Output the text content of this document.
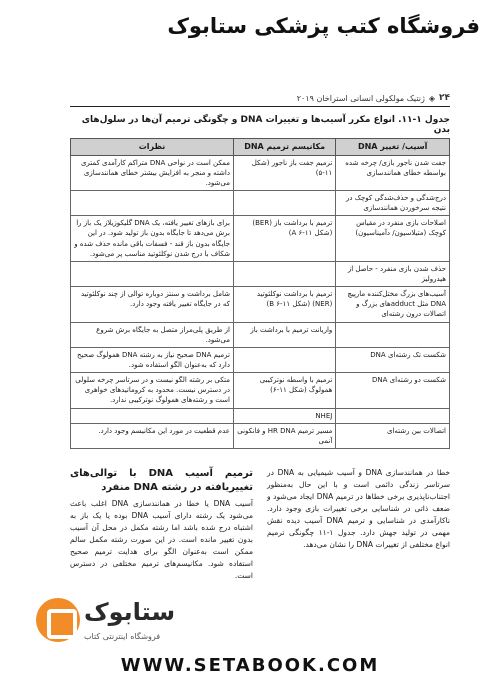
فروشگاه کتب پزشکی ستابوک
۲۴
◈
ژنتیک مولکولی انسانی استراخان ۲۰۱۹
جدول ۱-۱۱. انواع مکرر آسیب‌ها و تغییرات DNA و چگونگی ترمیم آن‌ها در سلول‌های بدن
آسیب/ تغییر DNA	مکانیسم ترمیم DNA	نظرات
جفت شدن ناجور بازی/ چرخه شده بواسطه خطای همانندسازی	ترمیم جفت باز ناجور (شکل ۱۱-۵)	ممکن است در نواحی DNA متراکم کارآمدی کمتری داشته و منجر به افزایش بیشتر خطای همانندسازی می‌شود.
درج‌شدگی و حذف‌شدگی کوچک در نتیجه سرخوردن همانندسازی		
اصلاحات بازی منفرد در مقیاس کوچک (متیلاسیون/ دآمیناسیون)	ترمیم با برداشت باز (BER) (شکل ۱۱-۶ A)	برای بازهای تغییر یافته، یک DNA گلیکوزیلاز یک باز را برش می‌دهد تا جایگاه بدون باز تولید شود. در این جایگاه بدون باز قند - فسفات باقی مانده حذف شده و شکاف با درج شدن نوکلئوتید مناسب پر می‌شود.
حذف شدن بازی منفرد - حاصل از هیدرولیز		
آسیب‌های بزرگ مختل‌کننده مارپیچ DNA مثل adduct‌های بزرگ و اتصالات درون رشته‌ای	ترمیم با برداشت نوکلئوتید (NER) (شکل ۱۱-۶ B)	شامل برداشت و سنتز دوباره توالی از چند نوکلئوتید که در جایگاه تغییر یافته وجود دارد.
	واریانت ترمیم با برداشت باز	از طریق پلی‌مراز متصل به جایگاه برش شروع می‌شود.
شکست تک رشته‌ای DNA		ترمیم DNA صحیح نیاز به رشته DNA همولوگ صحیح دارد که به‌عنوان الگو استفاده شود.
شکست دو رشته‌ای DNA	ترمیم با واسطه نوترکیبی همولوگ (شکل ۱۱-۶)	متکی بر رشته الگو نیست و در سرتاسر چرخه سلولی در دسترس نیست. محدود به کروماتیدهای خواهری است و رشته‌های همولوگ نوترکیبی ندارد.
	NHEJ	
اتصالات بین رشته‌ای	مسیر ترمیم HR DNA و فانکونی آنمی	عدم قطعیت در مورد این مکانیسم وجود دارد.

خطا در همانندسازی DNA و آسیب شیمیایی به DNA در سرتاسر زندگی دائمی است و با این حال به‌منظور اجتناب‌ناپذیری برخی خطاها در ترمیم DNA ایجاد می‌شود و ضعف ذاتی در شناسایی برخی تغییرات بازی وجود دارد. ناکارآمدی در شناسایی و ترمیم DNA آسیب دیده نقش مهمی در تولید جهش دارد. جدول ۱-۱۱ چگونگی ترمیم انواع مختلفی از تغییرات DNA را نشان می‌دهد.

ترمیم آسیب DNA با توالی‌های تغییریافته در رشته DNA منفرد

آسیب DNA یا خطا در همانندسازی DNA اغلب باعث می‌شود یک رشته دارای آسیب DNA بوده یا یک باز به اشتباه درج شده باشد اما رشته مکمل در محل آن آسیب بدون تغییر مانده است. در این صورت رشته مکمل سالم ممکن است به‌عنوان الگو برای هدایت ترمیم صحیح استفاده شود. مکانیسم‌های ترمیم مختلفی در دسترس است.

ستابوک
فروشگاه اینترنتی کتاب
WWW.SETABOOK.COM
